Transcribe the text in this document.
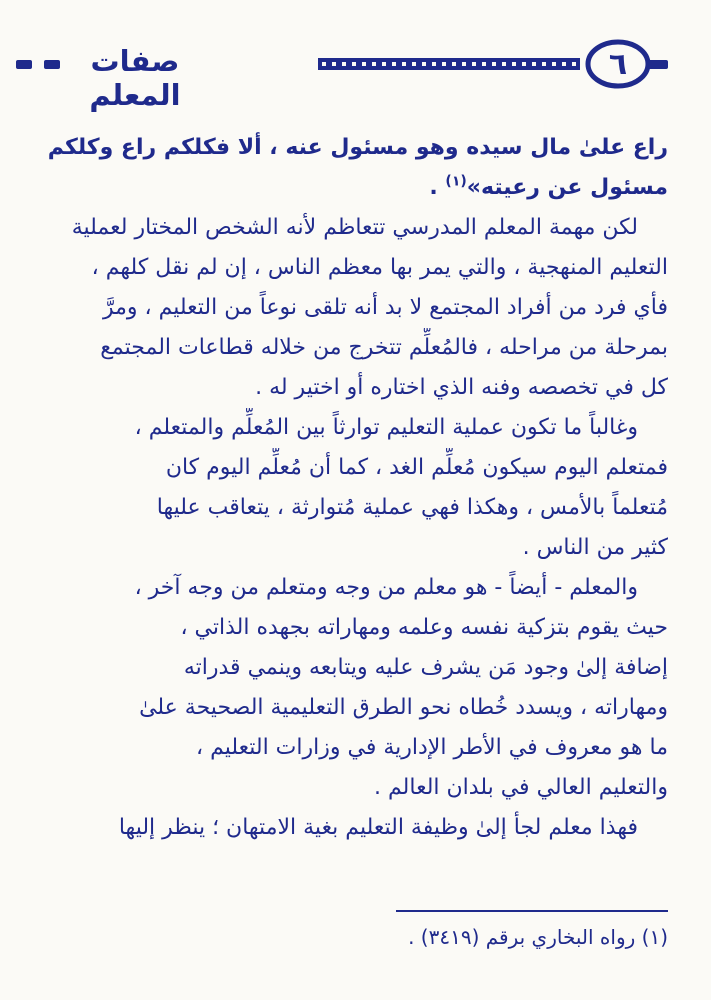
صفات المعلم
٦
راع علىٰ مال سيده وهو مسئول عنه ، ألا فكلكم راع وكلكم
مسئول عن رعيته»$^{(١)}$ .
لكن مهمة المعلم المدرسي تتعاظم لأنه الشخص المختار لعملية
التعليم المنهجية ، والتي يمر بها معظم الناس ، إن لم نقل كلهم ،
فأي فرد من أفراد المجتمع لا بد أنه تلقى نوعاً من التعليم ، ومرَّ
بمرحلة من مراحله ، فالمُعلِّم تتخرج من خلاله قطاعات المجتمع
كل في تخصصه وفنه الذي اختاره أو اختير له .
وغالباً ما تكون عملية التعليم توارثاً بين المُعلِّم والمتعلم ،
فمتعلم اليوم سيكون مُعلِّم الغد ، كما أن مُعلِّم اليوم كان
مُتعلماً بالأمس ، وهكذا فهي عملية مُتوارثة ، يتعاقب عليها
كثير من الناس .
والمعلم - أيضاً - هو معلم من وجه ومتعلم من وجه آخر ،
حيث يقوم بتزكية نفسه وعلمه ومهاراته بجهده الذاتي ،
إضافة إلىٰ وجود مَن يشرف عليه ويتابعه وينمي قدراته
ومهاراته ، ويسدد خُطاه نحو الطرق التعليمية الصحيحة علىٰ
ما هو معروف في الأطر الإدارية في وزارات التعليم ،
والتعليم العالي في بلدان العالم .
فهذا معلم لجأ إلىٰ وظيفة التعليم بغية الامتهان ؛ ينظر إليها
(١) رواه البخاري برقم (٣٤١٩) .
